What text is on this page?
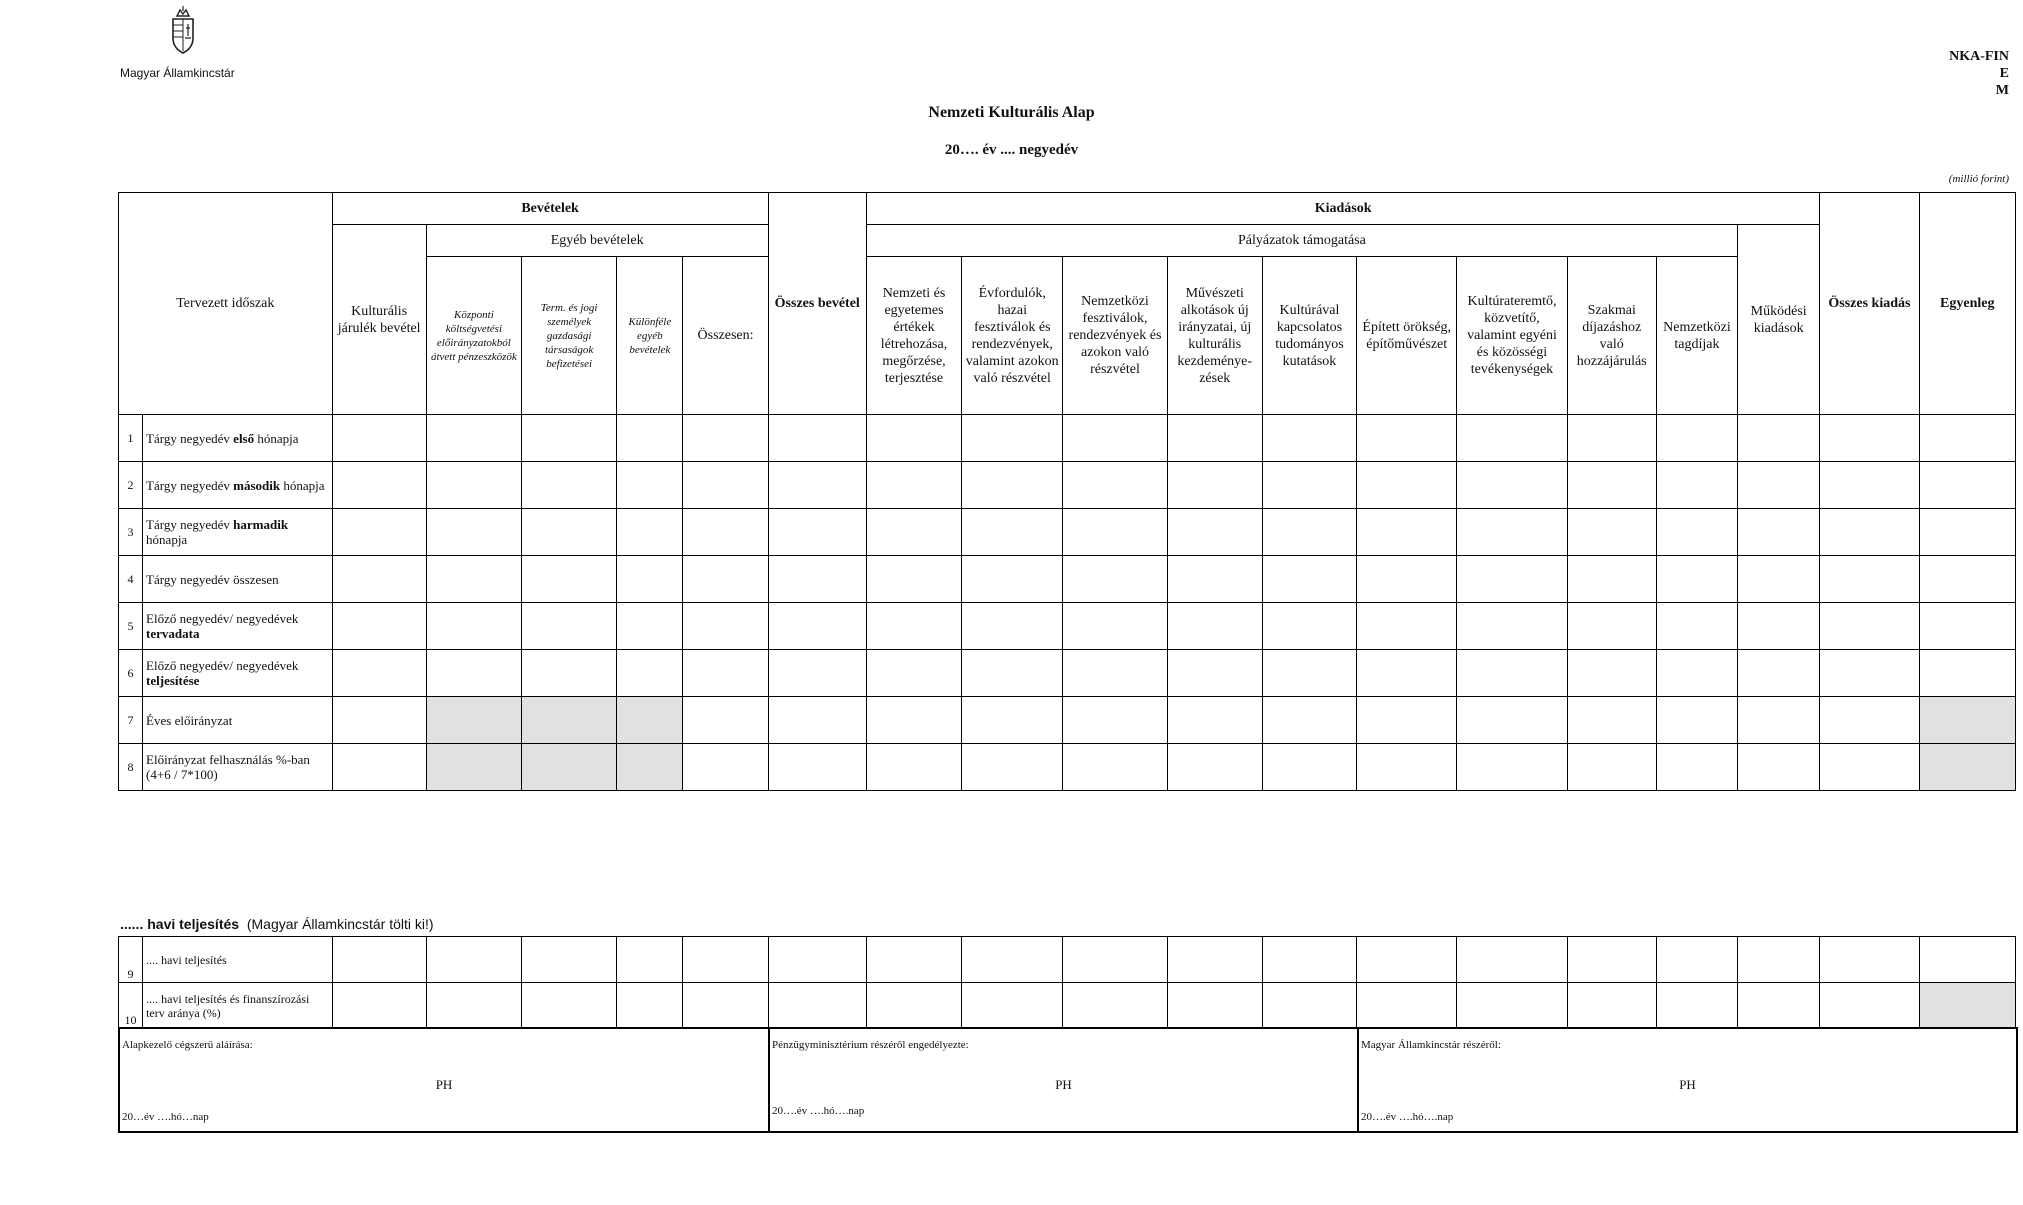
Magyar Államkincstár
NKA-FIN
E
M
Nemzeti Kulturális Alap
20…. év .... negyedév
(millió forint)
Tervezett időszak		Bevételek					Összes bevétel	Kiadások										Összes kiadás	Egyenleg
		Kulturális járulék bevétel	Egyéb bevételek					Pályázatok támogatása									Működési kiadások		
			Központi költségvetési előirányzatokból átvett pénzeszközök	Term. és jogi személyek gazdasági társaságok befizetései	Különféle egyéb bevételek	Összesen:		Nemzeti és egyetemes értékek létrehozása, megőrzése, terjesztése	Évfordulók, hazai fesztiválok és rendezvények, valamint azokon való részvétel	Nemzetközi fesztiválok, rendezvények és azokon való részvétel	Művészeti alkotások új irányzatai, új kulturális kezdeménye-zések	Kultúrával kapcsolatos tudományos kutatások	Épített örökség, építőművészet	Kultúrateremtő, közvetítő, valamint egyéni és közösségi tevékenységek	Szakmai díjazáshoz való hozzájárulás	Nemzetközi tagdíjak			
1	Tárgy negyedév első hónapja																		
2	Tárgy negyedév második hónapja																		
3	Tárgy negyedév harmadik hónapja																		
4	Tárgy negyedév összesen																		
5	Előző negyedév/ negyedévek tervadata																		
6	Előző negyedév/ negyedévek teljesítése																		
7	Éves előirányzat																		
8	Előirányzat felhasználás %-ban (4+6 / 7*100)																		
...... havi teljesítés (Magyar Államkincstár tölti ki!)
9	.... havi teljesítés																		
10	.... havi teljesítés és finanszírozási terv aránya (%)																		
Alapkezelő cégszerű aláírása:
PH
20…év ….hó…nap

Pénzügyminisztérium részéről engedélyezte:
PH
20….év ….hó….nap

Magyar Államkincstár részéről:
PH
20….év ….hó….nap
